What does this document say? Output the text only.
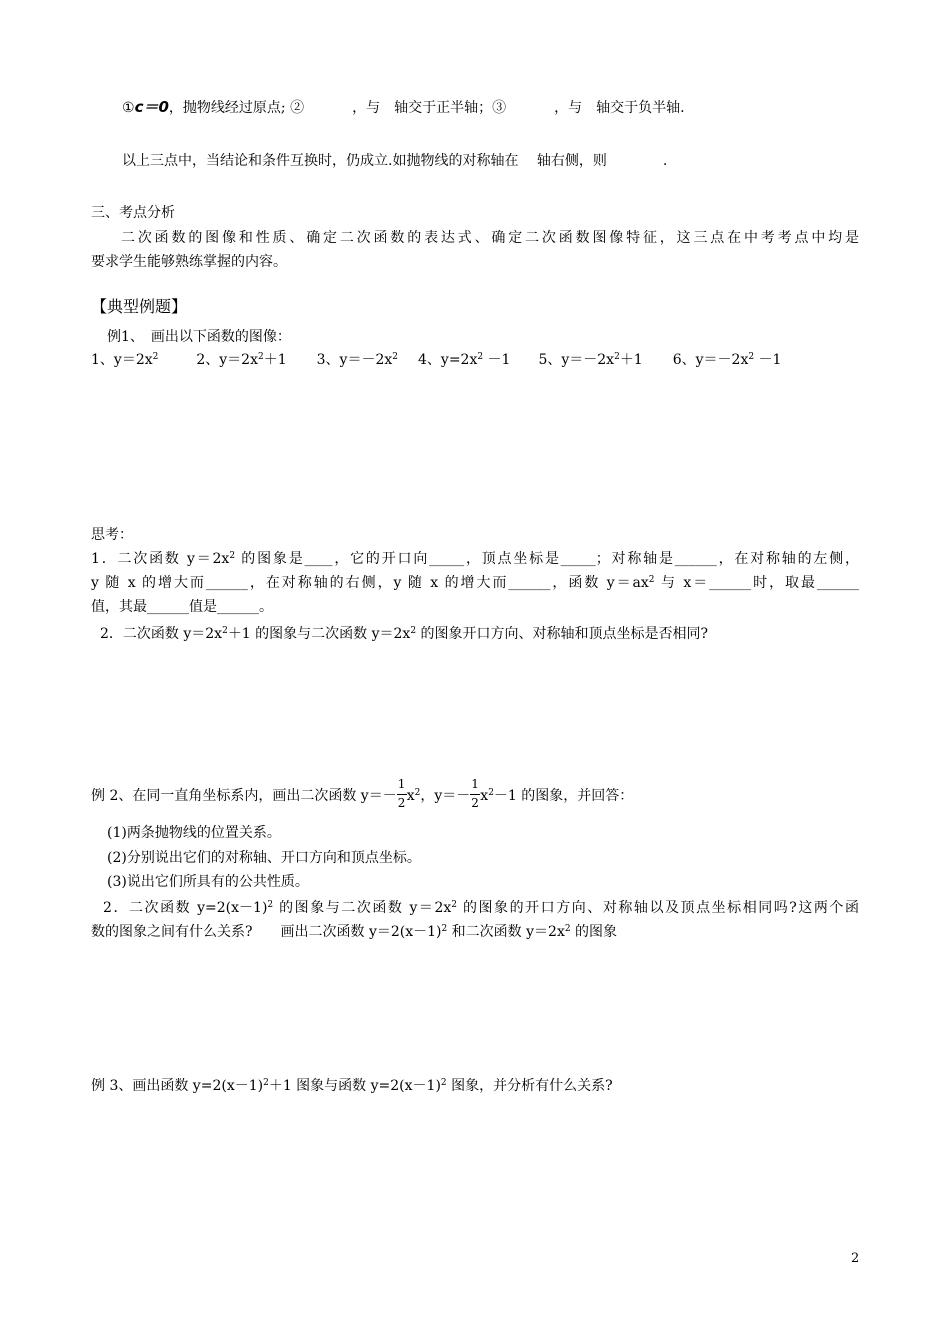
①c＝0，抛物线经过原点; ②	，与　轴交于正半轴；③	，与　轴交于负半轴.
以上三点中，当结论和条件互换时，仍成立.如抛物线的对称轴在　 轴右侧，则	.
三、考点分析
二次函数的图像和性质、确定二次函数的表达式、确定二次函数图像特征，这三点在中考考点中均是
要求学生能够熟练掌握的内容。
【典型例题】
例1、　画出以下函数的图像：
1、$y=2x^2$	2、$y=2x^2+1$ 3、$y=-2x^2$ 4、$y=2x^2 -1$ 5、$y=-2x^2+1$ 6、$y=-2x^2 -1$
思考：
1．二次函数 $y=2x^2$ 的图象是____，它的开口向_____，顶点坐标是_____；对称轴是______，在对称轴的左侧，
y 随 x 的增大而______，在对称轴的右侧，y 随 x 的增大而______，函数 $y=ax^2$ 与 x＝______时，取最______
值，其最______值是______。
2．二次函数 $y=2x^2+1$ 的图象与二次函数 $y=2x^2$ 的图象开口方向、对称轴和顶点坐标是否相同?
例 2、在同一直角坐标系内，画出二次函数 $y=- \frac{1}{2} x^2$，$y=- \frac{1}{2} x^2-1$ 的图象，并回答：
(1)两条抛物线的位置关系。
(2)分别说出它们的对称轴、开口方向和顶点坐标。
(3)说出它们所具有的公共性质。
2．二次函数 $y=2(x-1)^2$ 的图象与二次函数 $y=2x^2$ 的图象的开口方向、对称轴以及顶点坐标相同吗?这两个函
数的图象之间有什么关系?　　画出二次函数 $y=2(x-1)^2$ 和二次函数 $y=2x^2$ 的图象
例 3、画出函数 $y=2(x-1)^2+1$ 图象与函数 $y=2(x-1)^2$ 图象，并分析有什么关系?
2
